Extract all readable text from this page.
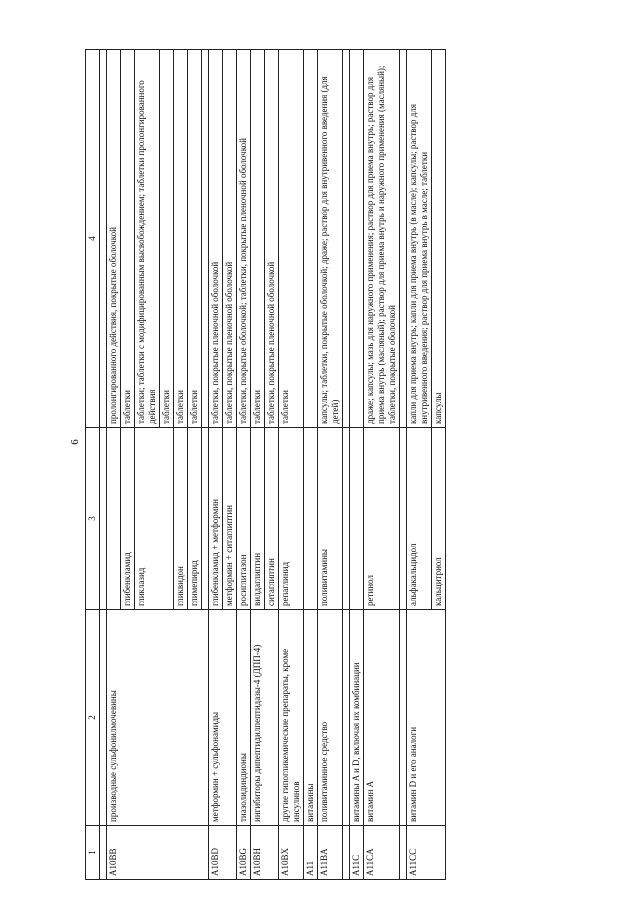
6
1	2	3	4

A10BB	производные сульфонилмочевины		пролонгированного действия, покрытые оболочкой
		глибенкламид	таблетки
		гликлазид	таблетки; таблетки с модифицированным высвобождением; таблетки пролонгированного действия
			таблетки
		гликвидон	таблетки
		глимепирид	таблетки

A10BD	метформин + сульфонамиды	глибенкламид + метформин	таблетки, покрытые пленочной оболочкой
		метформин + ситаглиптин	таблетки, покрытые пленочной оболочкой
A10BG	тиазолидиндионы	росиглитазон	таблетки, покрытые оболочкой; таблетки, покрытые пленочной оболочкой
A10BH	ингибиторы дипептидилпептидазы-4 (ДПП-4)	вилдаглиптин	таблетки
		ситаглиптин	таблетки, покрытые пленочной оболочкой
A10BX	другие гипогликемические препараты, кроме инсулинов	репаглинид	таблетки
A11	витамины		
A11BA	поливитаминное средство	поливитамины	капсулы; таблетки, покрытые оболочкой; драже; раствор для внутривенного введения (для детей)

A11C	витамины A и D, включая их комбинации		
A11CA	витамин A	ретинол	драже; капсулы; мазь для наружного применения; раствор для приема внутрь; раствор для приема внутрь (масляный); раствор для приема внутрь и наружного применения (масляный); таблетки, покрытые оболочкой

A11CC	витамин D и его аналоги	альфакальцидол	капли для приема внутрь; капли для приема внутрь (в масле); капсулы; раствор для внутривенного введения; раствор для приема внутрь в масле; таблетки
		кальцитриол	капсулы
